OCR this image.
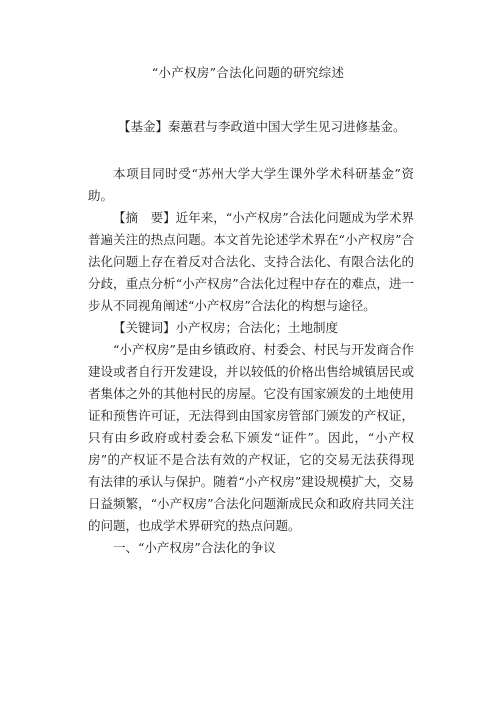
“小产权房”合法化问题的研究综述
【基金】秦蕙君与李政道中国大学生见习进修基金。

本项目同时受“苏州大学大学生课外学术科研基金”资助。

【摘　要】近年来，“小产权房”合法化问题成为学术界普遍关注的热点问题。本文首先论述学术界在“小产权房”合法化问题上存在着反对合法化、支持合法化、有限合法化的分歧，重点分析“小产权房”合法化过程中存在的难点，进一步从不同视角阐述“小产权房”合法化的构想与途径。

【关键词】小产权房；合法化；土地制度

“小产权房”是由乡镇政府、村委会、村民与开发商合作建设或者自行开发建设，并以较低的价格出售给城镇居民或者集体之外的其他村民的房屋。它没有国家颁发的土地使用证和预售许可证，无法得到由国家房管部门颁发的产权证，只有由乡政府或村委会私下颁发“证件”。因此，“小产权房”的产权证不是合法有效的产权证，它的交易无法获得现有法律的承认与保护。随着“小产权房”建设规模扩大，交易日益频繁，“小产权房”合法化问题渐成民众和政府共同关注的问题，也成学术界研究的热点问题。

一、“小产权房”合法化的争议
